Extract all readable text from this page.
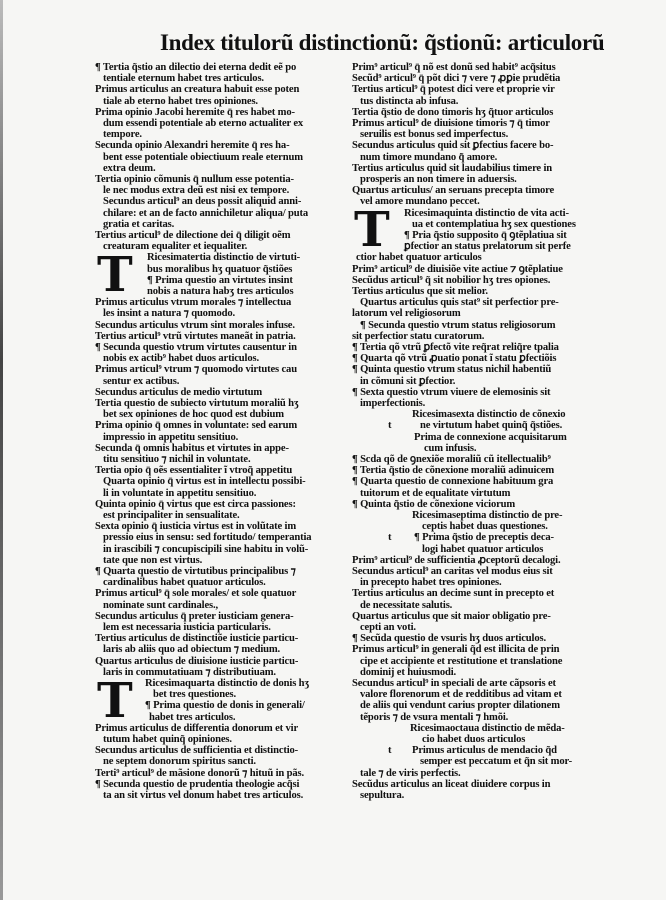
Index titulorũ distinctionũ: q̃stionũ: articulorũ
T
T
¶ Tertia q̃stio an dilectio dei eterna dedit eẽ po
tentiale eternum habet tres articulos.
Primus articulus an creatura habuit esse poten
tiale ab eterno habet tres opiniones.
Prima opinio Jacobi heremite q̄ res habet mo-
dum essendi potentiale ab eterno actualiter ex
tempore.
Secunda opinio Alexandri heremite q̄ res ha-
bent esse potentiale obiectiuum reale eternum
extra deum.
Tertia opinio cõmunis q̄ nullum esse potentia-
le nec modus extra deũ est nisi ex tempore.
Secundus articul⁹ an deus possit aliquid anni-
chilare: et an de facto annichiletur aliqua/ puta
gratia et caritas.
Tertius articul⁹ de dilectione dei q̄ diligit oẽm
creaturam equaliter et iequaliter.
Ricesimatertia distinctio de virtuti-
bus moralibus hʒ quatuor q̃stiões
¶ Prima questio an virtutes insint
nobis a natura habʒ tres articulos
Primus articulus vtrum morales ⁊ intellectua
les insint a natura ⁊ quomodo.
Secundus articulus vtrum sint morales infuse.
Tertius articul⁹ vtrũ virtutes maneãt in patria.
¶ Secunda questio vtrum virtutes causentur in
nobis ex actib⁹ habet duos articulos.
Primus articul⁹ vtrum ⁊ quomodo virtutes cau
sentur ex actibus.
Secundus articulus de medio virtutum
Tertia questio de subiecto virtutum moraliũ hʒ
bet sex opiniones de hoc quod est dubium
Prima opinio q̄ omnes in voluntate: sed earum
impressio in appetitu sensitiuo.
Secunda q̄ omnis habitus et virtutes in appe-
titu sensitiuo ⁊ nichil in voluntate.
Tertia opio q̄ oẽs essentialiter ĩ vtroq̃ appetitu
Quarta opinio q̄ virtus est in intellectu possibi-
li in voluntate in appetitu sensitiuo.
Quinta opinio q̄ virtus que est circa passiones:
est principaliter in sensualitate.
Sexta opinio q̄ iusticia virtus est in volũtate im
pressio eius in sensu: sed fortitudo/ temperantia
in irascibili ⁊ concupiscipili sine habitu in volũ-
tate que non est virtus.
¶ Quarta questio de virtutibus principalibus ⁊
cardinalibus habet quatuor articulos.
Primus articul⁹ q̄ sole morales/ et sole quatuor
nominate sunt cardinales.,
Secundus articulus q̄ preter iusticiam genera-
lem est necessaria iusticia particularis.
Tertius articulus de distinctiõe iusticie particu-
laris ab aliis quo ad obiectum ⁊ medium.
Quartus articulus de diuisione iusticie particu-
laris in commutatiuam ⁊ distributiuam.
Ricesimaquarta distinctio de donis hʒ
bet tres questiones.
¶ Prima questio de donis in generali/
habet tres articulos.
Primus articulus de differentia donorum et vir
tutum habet quinq̃ opiniones.
Secundus articulus de sufficientia et distinctio-
ne septem donorum spiritus sancti.
Terti⁹ articul⁹ de mãsione donorũ ⁊ hituũ in pãs.
¶ Secunda questio de prudentia theologie acq̃si
ta an sit virtus vel donum habet tres articulos.
T
t
t
t
Prim⁹ articul⁹ q̄ nõ est donũ sed habit⁹ acq̃situs
Secũd⁹ articul⁹ q̄ põt dici ⁊ vere ⁊ ꝓꝑie prudẽtia
Tertius articul⁹ q̄ potest dici vere et proprie vir
tus distincta ab infusa.
Tertia q̃stio de dono timoris hʒ q̃tuor articulos
Primus articul⁹ de diuisione timoris ⁊ q̄ timor
seruilis est bonus sed imperfectus.
Secundus articulus quid sit ꝑfectius facere bo-
num timore mundano q̄̃ amore.
Tertius articulus quid sit laudabilius timere in
prosperis an non timere in aduersis.
Quartus articulus/ an seruans precepta timore
vel amore mundano peccet.
Ricesimaquinta distinctio de vita acti-
ua et contemplatiua hʒ sex questiones
¶ Pria q̃stio supposito q̄ ꝯtẽplatiua sit
ꝑfectior an status prelatorum sit perfe
ctior habet quatuor articulos
Prim⁹ articul⁹ de diuisiõe vite actiue ⁊ ꝯtẽplatiue
Secũdus articul⁹ q̃ sit nobilior hʒ tres opiones.
Tertius articulus que sit melior.
Quartus articulus quis stat⁹ sit perfectior pre-
latorum vel religiosorum
¶ Secunda questio vtrum status religiosorum
sit perfectior statu curatorum.
¶ Tertia qõ vtrũ ꝑfectõ vite req̃rat reliq̃re tpalia
¶ Quarta qõ vtrũ ꝓuatio ponat ĩ statu ꝑfectiõis
¶ Quinta questio vtrum status nichil habentiũ
in cõmuni sit ꝑfectior.
¶ Sexta questio vtrum viuere de elemosinis sit
imperfectionis.
Ricesimasexta distinctio de cõnexio
ne virtutum habet quinq̃ q̃stiões.
Prima de connexione acquisitarum
cum infusis.
¶ Scda qõ de ꝯnexiõe moraliũ cũ itellectualib⁹
¶ Tertia q̃stio de cõnexione moraliũ adinuicem
¶ Quarta questio de connexione habituum gra
tuitorum et de equalitate virtutum
¶ Quinta q̃stio de cõnexione viciorum
Ricesimaseptima distinctio de pre-
ceptis habet duas questiones.
¶ Prima q̃stio de preceptis deca-
logi habet quatuor articulos
Prim⁹ articul⁹ de sufficientia ꝓceptorũ decalogi.
Secundus articul⁹ an caritas vel modus eius sit
in precepto habet tres opiniones.
Tertius articulus an decime sunt in precepto et
de necessitate salutis.
Quartus articulus que sit maior obligatio pre-
cepti an voti.
¶ Secũda questio de vsuris hʒ duos articulos.
Primus articul⁹ in generali q̃d est illicita de prin
cipe et accipiente et restitutione et translatione
dominij et huiusmodi.
Secundus articul⁹ in speciali de arte cãpsoris et
valore florenorum et de redditibus ad vitam et
de aliis qui vendunt carius propter dilationem
tẽporis ⁊ de vsura mentali ⁊ hmõi.
Ricesimaoctaua distinctio de mẽda-
cio habet duos articulos
Primus articulus de mendacio q̃d
semper est peccatum et q̃n sit mor-
tale ⁊ de viris perfectis.
Secũdus articulus an liceat diuidere corpus in
sepultura.
